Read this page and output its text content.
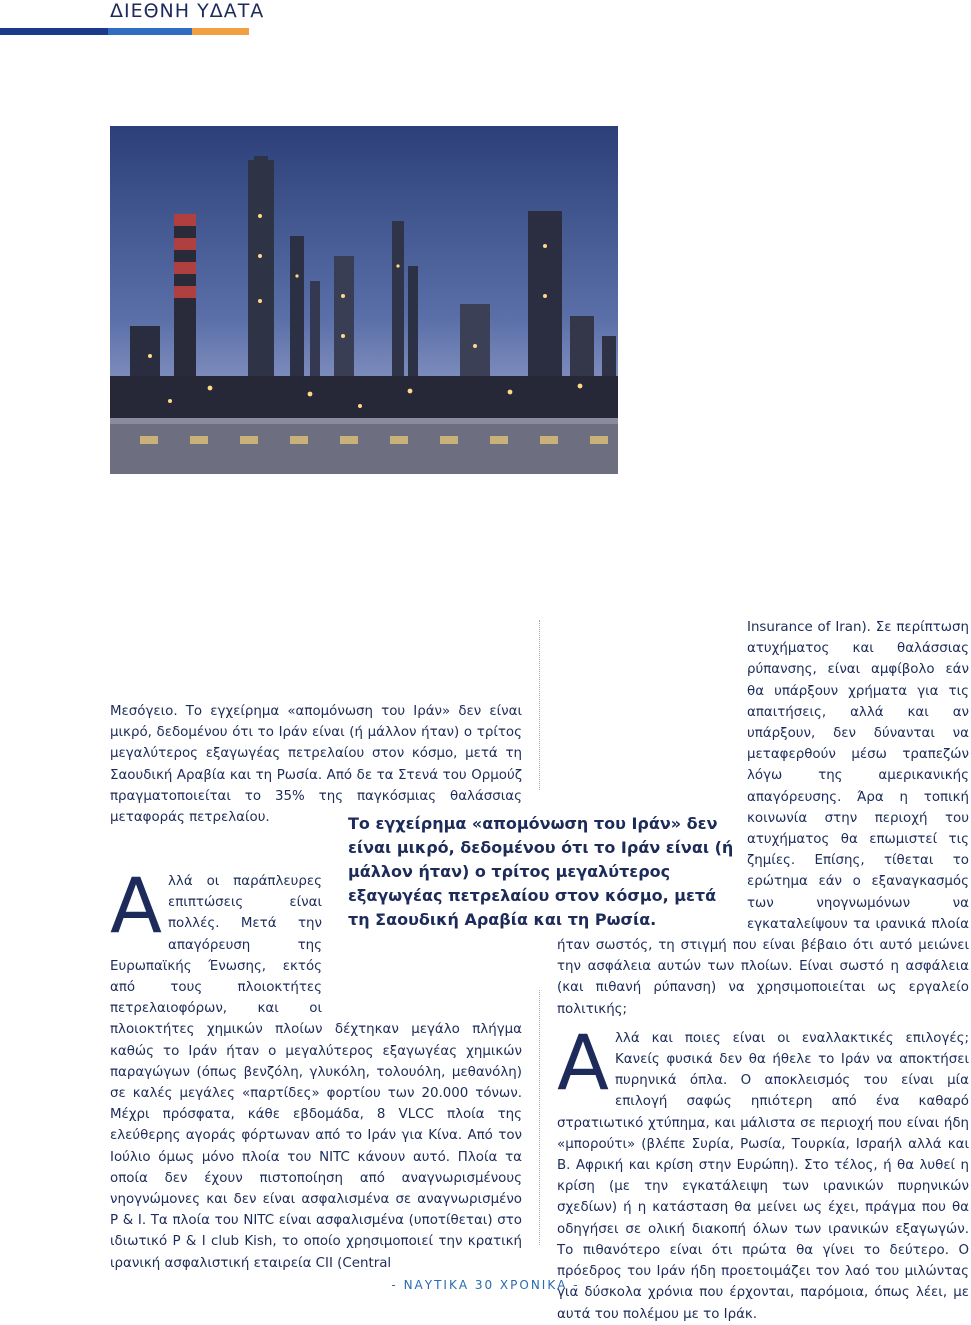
ΔΙΕΘΝΗ ΥΔΑΤΑ

Μεσόγειο. Το εγχείρημα «απομόνωση του Ιράν» δεν είναι μικρό, δεδομένου ότι το Ιράν είναι (ή μάλλον ήταν) ο τρίτος μεγαλύτερος εξαγωγέας πετρελαίου στον κόσμο, μετά τη Σαουδική Αραβία και τη Ρωσία. Από δε τα Στενά του Ορμούζ πραγματοποιείται το 35% της παγκόσμιας θαλάσσιας μεταφοράς πετρελαίου.

Α λλά οι παράπλευρες επιπτώσεις είναι πολλές. Μετά την απαγόρευση της Ευρωπαϊκής Ένωσης, εκτός από τους πλοιοκτήτες πετρελαιοφόρων, και οι πλοιοκτήτες χημικών πλοίων δέχτηκαν μεγάλο πλήγμα καθώς το Ιράν ήταν ο μεγαλύτερος εξαγωγέας χημικών παραγώγων (όπως βενζόλη, γλυκόλη, τολουόλη, μεθανόλη) σε καλές μεγάλες «παρτίδες» φορτίου των 20.000 τόνων. Μέχρι πρόσφατα, κάθε εβδομάδα, 8 VLCC πλοία της ελεύθερης αγοράς φόρτωναν από το Ιράν για Κίνα. Από τον Ιούλιο όμως μόνο πλοία του NITC κάνουν αυτό. Πλοία τα οποία δεν έχουν πιστοποίηση από αναγνωρισμένους νηογνώμονες και δεν είναι ασφαλισμένα σε αναγνωρισμένο P & I. Τα πλοία του NITC είναι ασφαλισμένα (υποτίθεται) στο ιδιωτικό P & I club Kish, το οποίο χρησιμοποιεί την κρατική ιρανική ασφαλιστική εταιρεία CII (Central
Το εγχείρημα «απομόνωση του Ιράν» δεν είναι μικρό, δεδομένου ότι το Ιράν είναι (ή μάλλον ήταν) ο τρίτος μεγαλύτερος εξαγωγέας πετρελαίου στον κόσμο, μετά τη Σαουδική Αραβία και τη Ρωσία.

Insurance of Iran). Σε περίπτωση ατυχήματος και θαλάσσιας ρύπανσης, είναι αμφίβολο εάν θα υπάρξουν χρήματα για τις απαιτήσεις, αλλά και αν υπάρξουν, δεν δύνανται να μεταφερθούν μέσω τραπεζών λόγω της αμερικανικής απαγόρευσης. Άρα η τοπική κοινωνία στην περιοχή του ατυχήματος θα επωμιστεί τις ζημίες. Επίσης, τίθεται το ερώτημα εάν ο εξαναγκασμός των νηογνωμόνων να εγκαταλείψουν τα ιρανικά πλοία ήταν σωστός, τη στιγμή που είναι βέβαιο ότι αυτό μειώνει την ασφάλεια αυτών των πλοίων. Είναι σωστό η ασφάλεια (και πιθανή ρύπανση) να χρησιμοποιείται ως εργαλείο πολιτικής;

Α λλά και ποιες είναι οι εναλλακτικές επιλογές; Κανείς φυσικά δεν θα ήθελε το Ιράν να αποκτήσει πυρηνικά όπλα. Ο αποκλεισμός του είναι μία επιλογή σαφώς ηπιότερη από ένα καθαρό στρατιωτικό χτύπημα, και μάλιστα σε περιοχή που είναι ήδη «μπορούτι» (βλέπε Συρία, Ρωσία, Τουρκία, Ισραήλ αλλά και Β. Αφρική και κρίση στην Ευρώπη). Στο τέλος, ή θα λυθεί η κρίση (με την εγκατάλειψη των ιρανικών πυρηνικών σχεδίων) ή η κατάσταση θα μείνει ως έχει, πράγμα που θα οδηγήσει σε ολική διακοπή όλων των ιρανικών εξαγωγών. Το πιθανότερο είναι ότι πρώτα θα γίνει το δεύτερο. Ο πρόεδρος του Ιράν ήδη προετοιμάζει τον λαό του μιλώντας για δύσκολα χρόνια που έρχονται, παρόμοια, όπως λέει, με αυτά του πολέμου με το Ιράκ.

- ΝΑΥΤΙΚΑ 30 ΧΡΟΝΙΚΑ -
